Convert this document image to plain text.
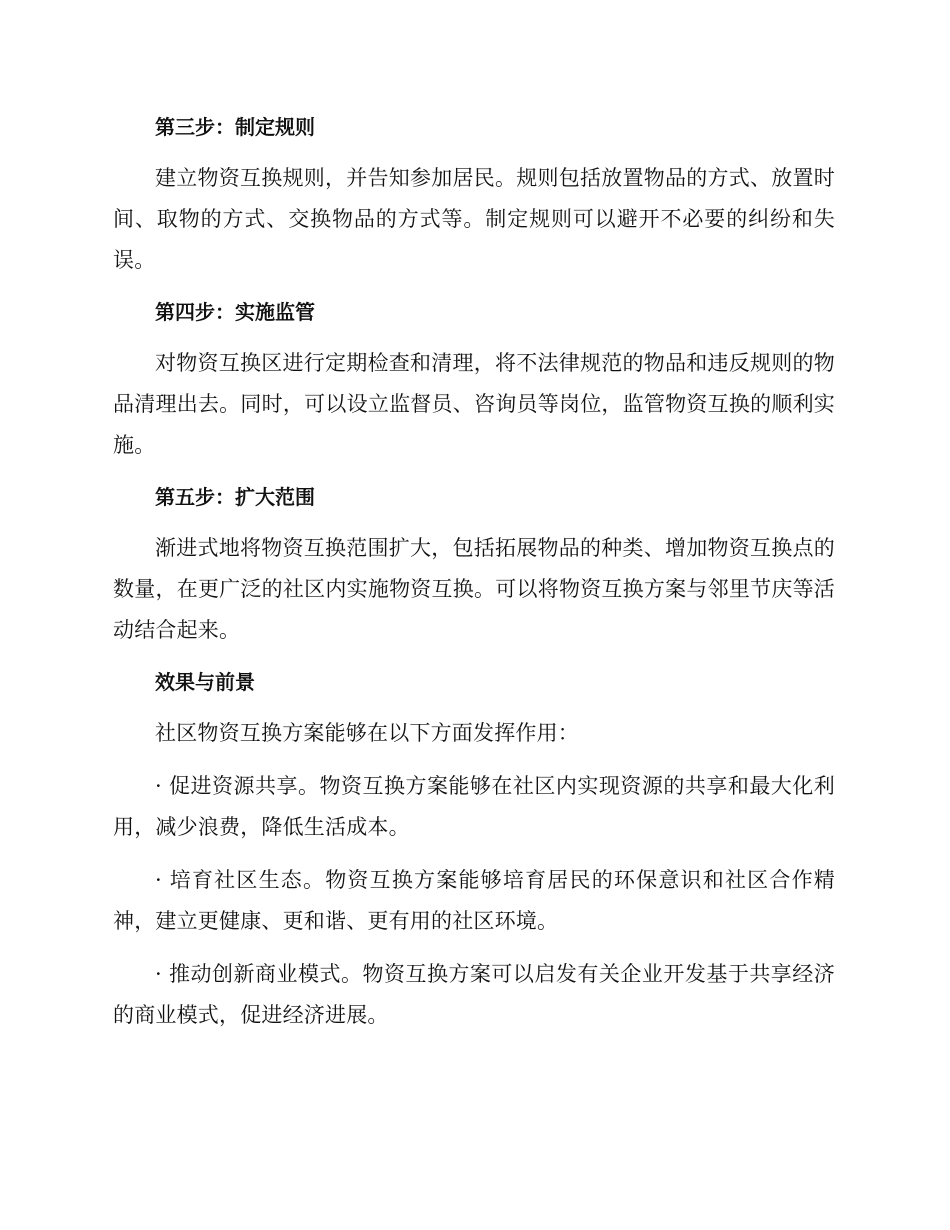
第三步：制定规则

建立物资互换规则，并告知参加居民。规则包括放置物品的方式、放置时间、取物的方式、交换物品的方式等。制定规则可以避开不必要的纠纷和失误。

第四步：实施监管

对物资互换区进行定期检查和清理，将不法律规范的物品和违反规则的物品清理出去。同时，可以设立监督员、咨询员等岗位，监管物资互换的顺利实施。

第五步：扩大范围

渐进式地将物资互换范围扩大，包括拓展物品的种类、增加物资互换点的数量，在更广泛的社区内实施物资互换。可以将物资互换方案与邻里节庆等活动结合起来。

效果与前景

社区物资互换方案能够在以下方面发挥作用：

· 促进资源共享。物资互换方案能够在社区内实现资源的共享和最大化利用，减少浪费，降低生活成本。

· 培育社区生态。物资互换方案能够培育居民的环保意识和社区合作精神，建立更健康、更和谐、更有用的社区环境。

· 推动创新商业模式。物资互换方案可以启发有关企业开发基于共享经济的商业模式，促进经济进展。
